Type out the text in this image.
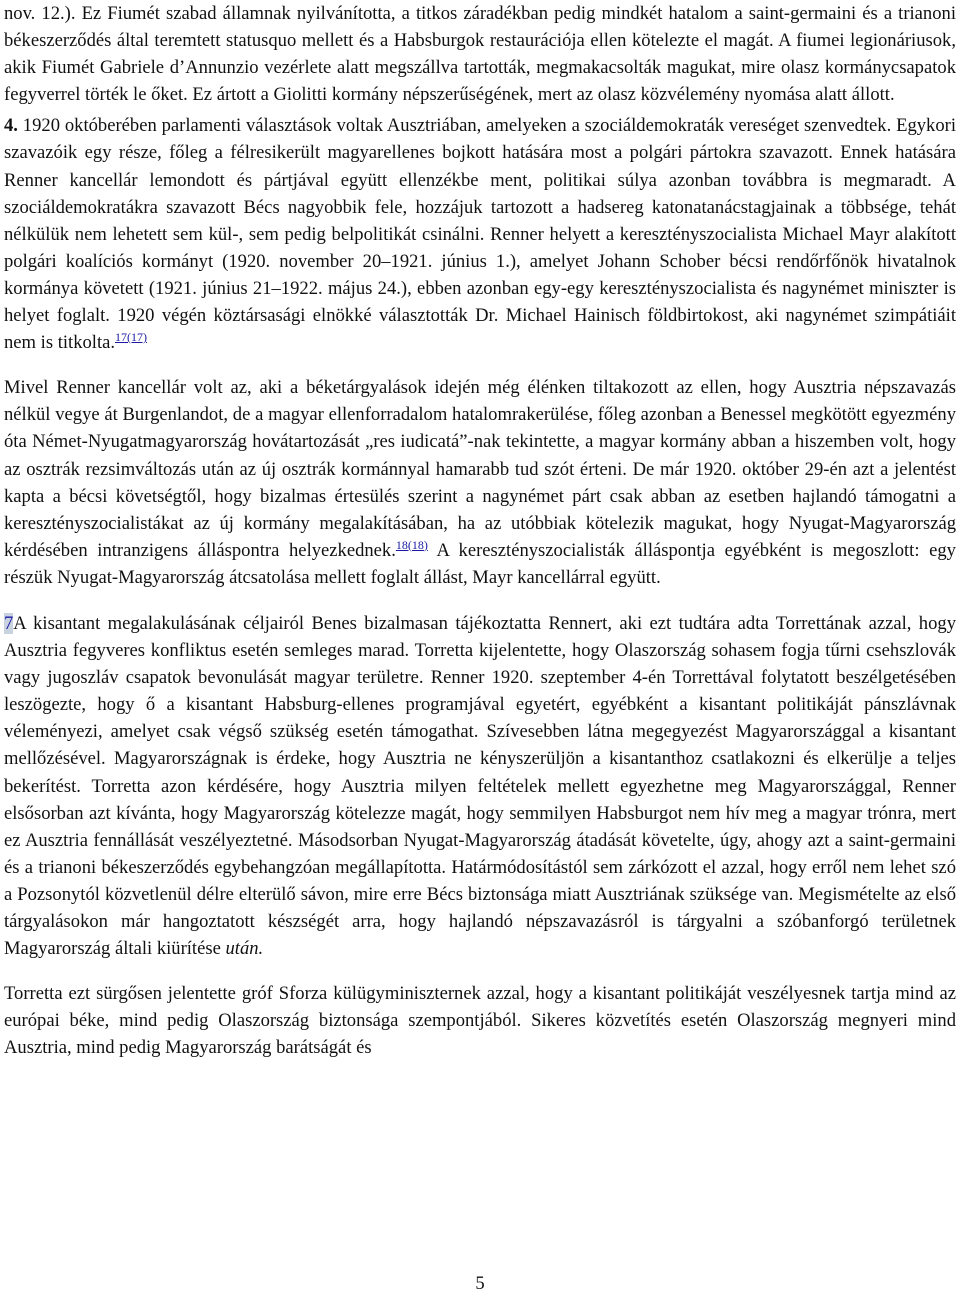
nov. 12.). Ez Fiumét szabad államnak nyilvánította, a titkos záradékban pedig mindkét hatalom a saint-germaini és a trianoni békeszerződés által teremtett statusquo mellett és a Habsburgok restaurációja ellen kötelezte el magát. A fiumei legionáriusok, akik Fiumét Gabriele d’Annunzio vezérlete alatt megszállva tartották, megmakacsolták magukat, mire olasz kormánycsapatok fegyverrel törték le őket. Ez ártott a Giolitti kormány népszerűségének, mert az olasz közvélemény nyomása alatt állott.

4. 1920 októberében parlamenti választások voltak Ausztriában, amelyeken a szociáldemokraták vereséget szenvedtek. Egykori szavazóik egy része, főleg a félresikerült magyarellenes bojkott hatására most a polgári pártokra szavazott. Ennek hatására Renner kancellár lemondott és pártjával együtt ellenzékbe ment, politikai súlya azonban továbbra is megmaradt. A szociáldemokratákra szavazott Bécs nagyobbik fele, hozzájuk tartozott a hadsereg katonatanácstagjainak a többsége, tehát nélkülük nem lehetett sem kül-, sem pedig belpolitikát csinálni. Renner helyett a keresztényszocialista Michael Mayr alakított polgári koalíciós kormányt (1920. november 20–1921. június 1.), amelyet Johann Schober bécsi rendőrfőnök hivatalnok kormánya követett (1921. június 21–1922. május 24.), ebben azonban egy-egy keresztényszocialista és nagynémet miniszter is helyet foglalt. 1920 végén köztársasági elnökké választották Dr. Michael Hainisch földbirtokost, aki nagynémet szimpátiáit nem is titkolta.$^{17(17)}$

Mivel Renner kancellár volt az, aki a béketárgyalások idején még élénken tiltakozott az ellen, hogy Ausztria népszavazás nélkül vegye át Burgenlandot, de a magyar ellenforradalom hatalomrakerülése, főleg azonban a Benessel megkötött egyezmény óta Német-Nyugatmagyarország hovátartozását „res iudicatá”-nak tekintette, a magyar kormány abban a hiszemben volt, hogy az osztrák rezsimváltozás után az új osztrák kormánnyal hamarabb tud szót érteni. De már 1920. október 29-én azt a jelentést kapta a bécsi követségtől, hogy bizalmas értesülés szerint a nagynémet párt csak abban az esetben hajlandó támogatni a keresztényszocialistákat az új kormány megalakításában, ha az utóbbiak kötelezik magukat, hogy Nyugat-Magyarország kérdésében intranzigens álláspontra helyezkednek.$^{18(18)}$ A keresztényszocialisták álláspontja egyébként is megoszlott: egy részük Nyugat-Magyarország átcsatolása mellett foglalt állást, Mayr kancellárral együtt.

7A kisantant megalakulásának céljairól Benes bizalmasan tájékoztatta Rennert, aki ezt tudtára adta Torrettának azzal, hogy Ausztria fegyveres konfliktus esetén semleges marad. Torretta kijelentette, hogy Olaszország sohasem fogja tűrni csehszlovák vagy jugoszláv csapatok bevonulását magyar területre. Renner 1920. szeptember 4-én Torrettával folytatott beszélgetésében leszögezte, hogy ő a kisantant Habsburg-ellenes programjával egyetért, egyébként a kisantant politikáját pánszlávnak véleményezi, amelyet csak végső szükség esetén támogathat. Szívesebben látna megegyezést Magyarországgal a kisantant mellőzésével. Magyarországnak is érdeke, hogy Ausztria ne kényszerüljön a kisantanthoz csatlakozni és elkerülje a teljes bekerítést. Torretta azon kérdésére, hogy Ausztria milyen feltételek mellett egyezhetne meg Magyarországgal, Renner elsősorban azt kívánta, hogy Magyarország kötelezze magát, hogy semmilyen Habsburgot nem hív meg a magyar trónra, mert ez Ausztria fennállását veszélyeztetné. Másodsorban Nyugat-Magyarország átadását követelte, úgy, ahogy azt a saint-germaini és a trianoni békeszerződés egybehangzóan megállapította. Határmódosítástól sem zárkózott el azzal, hogy erről nem lehet szó a Pozsonytól közvetlenül délre elterülő sávon, mire erre Bécs biztonsága miatt Ausztriának szüksége van. Megismételte az első tárgyalásokon már hangoztatott készségét arra, hogy hajlandó népszavazásról is tárgyalni a szóbanforgó területnek Magyarország általi kiürítése után.

Torretta ezt sürgősen jelentette gróf Sforza külügyminiszternek azzal, hogy a kisantant politikáját veszélyesnek tartja mind az európai béke, mind pedig Olaszország biztonsága szempontjából. Sikeres közvetítés esetén Olaszország megnyeri mind Ausztria, mind pedig Magyarország barátságát és

5
